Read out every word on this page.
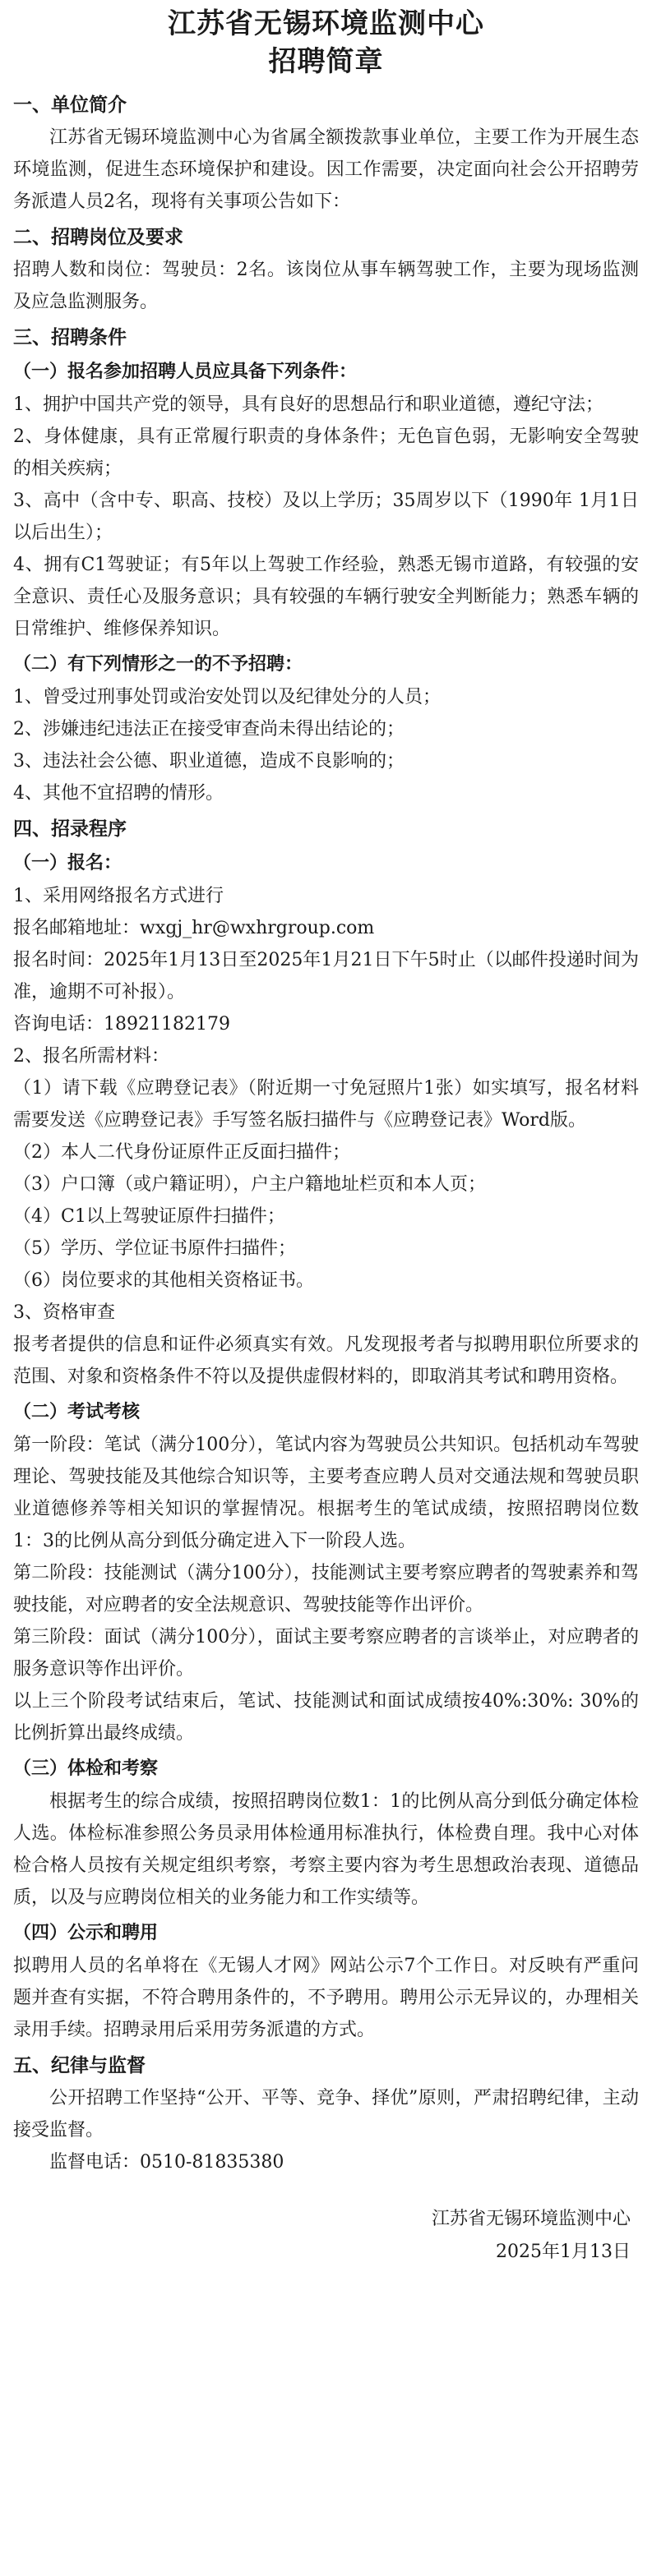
江苏省无锡环境监测中心
招聘简章
一、单位简介

江苏省无锡环境监测中心为省属全额拨款事业单位，主要工作为开展生态环境监测，促进生态环境保护和建设。因工作需要，决定面向社会公开招聘劳务派遣人员2名，现将有关事项公告如下：

二、招聘岗位及要求

招聘人数和岗位：驾驶员：2名。该岗位从事车辆驾驶工作，主要为现场监测及应急监测服务。

三、招聘条件
（一）报名参加招聘人员应具备下列条件：

1、拥护中国共产党的领导，具有良好的思想品行和职业道德，遵纪守法；

2、身体健康，具有正常履行职责的身体条件；无色盲色弱，无影响安全驾驶的相关疾病；

3、高中（含中专、职高、技校）及以上学历；35周岁以下（1990年 1月1日以后出生）；

4、拥有C1驾驶证；有5年以上驾驶工作经验，熟悉无锡市道路，有较强的安全意识、责任心及服务意识；具有较强的车辆行驶安全判断能力；熟悉车辆的日常维护、维修保养知识。

（二）有下列情形之一的不予招聘：

1、曾受过刑事处罚或治安处罚以及纪律处分的人员；

2、涉嫌违纪违法正在接受审查尚未得出结论的；

3、违法社会公德、职业道德，造成不良影响的；

4、其他不宜招聘的情形。

四、招录程序
（一）报名：

1、采用网络报名方式进行

报名邮箱地址：wxgj_hr@wxhrgroup.com

报名时间：2025年1月13日至2025年1月21日下午5时止（以邮件投递时间为准，逾期不可补报）。

咨询电话：18921182179

2、报名所需材料：

（1）请下载《应聘登记表》（附近期一寸免冠照片1张）如实填写，报名材料需要发送《应聘登记表》手写签名版扫描件与《应聘登记表》Word版。

（2）本人二代身份证原件正反面扫描件；

（3）户口簿（或户籍证明），户主户籍地址栏页和本人页；

（4）C1以上驾驶证原件扫描件；

（5）学历、学位证书原件扫描件；

（6）岗位要求的其他相关资格证书。

3、资格审查

报考者提供的信息和证件必须真实有效。凡发现报考者与拟聘用职位所要求的范围、对象和资格条件不符以及提供虚假材料的，即取消其考试和聘用资格。

（二）考试考核

第一阶段：笔试（满分100分），笔试内容为驾驶员公共知识。包括机动车驾驶理论、驾驶技能及其他综合知识等，主要考查应聘人员对交通法规和驾驶员职业道德修养等相关知识的掌握情况。根据考生的笔试成绩，按照招聘岗位数1：3的比例从高分到低分确定进入下一阶段人选。

第二阶段：技能测试（满分100分），技能测试主要考察应聘者的驾驶素养和驾驶技能，对应聘者的安全法规意识、驾驶技能等作出评价。

第三阶段：面试（满分100分），面试主要考察应聘者的言谈举止，对应聘者的服务意识等作出评价。

以上三个阶段考试结束后，笔试、技能测试和面试成绩按40%:30%: 30%的比例折算出最终成绩。

（三）体检和考察

根据考生的综合成绩，按照招聘岗位数1：1的比例从高分到低分确定体检人选。体检标准参照公务员录用体检通用标准执行，体检费自理。我中心对体检合格人员按有关规定组织考察，考察主要内容为考生思想政治表现、道德品质，以及与应聘岗位相关的业务能力和工作实绩等。

（四）公示和聘用

拟聘用人员的名单将在《无锡人才网》网站公示7个工作日。对反映有严重问题并查有实据，不符合聘用条件的，不予聘用。聘用公示无异议的，办理相关录用手续。招聘录用后采用劳务派遣的方式。

五、纪律与监督

公开招聘工作坚持“公开、平等、竞争、择优”原则，严肃招聘纪律，主动接受监督。

监督电话：0510-81835380

江苏省无锡环境监测中心

2025年1月13日
